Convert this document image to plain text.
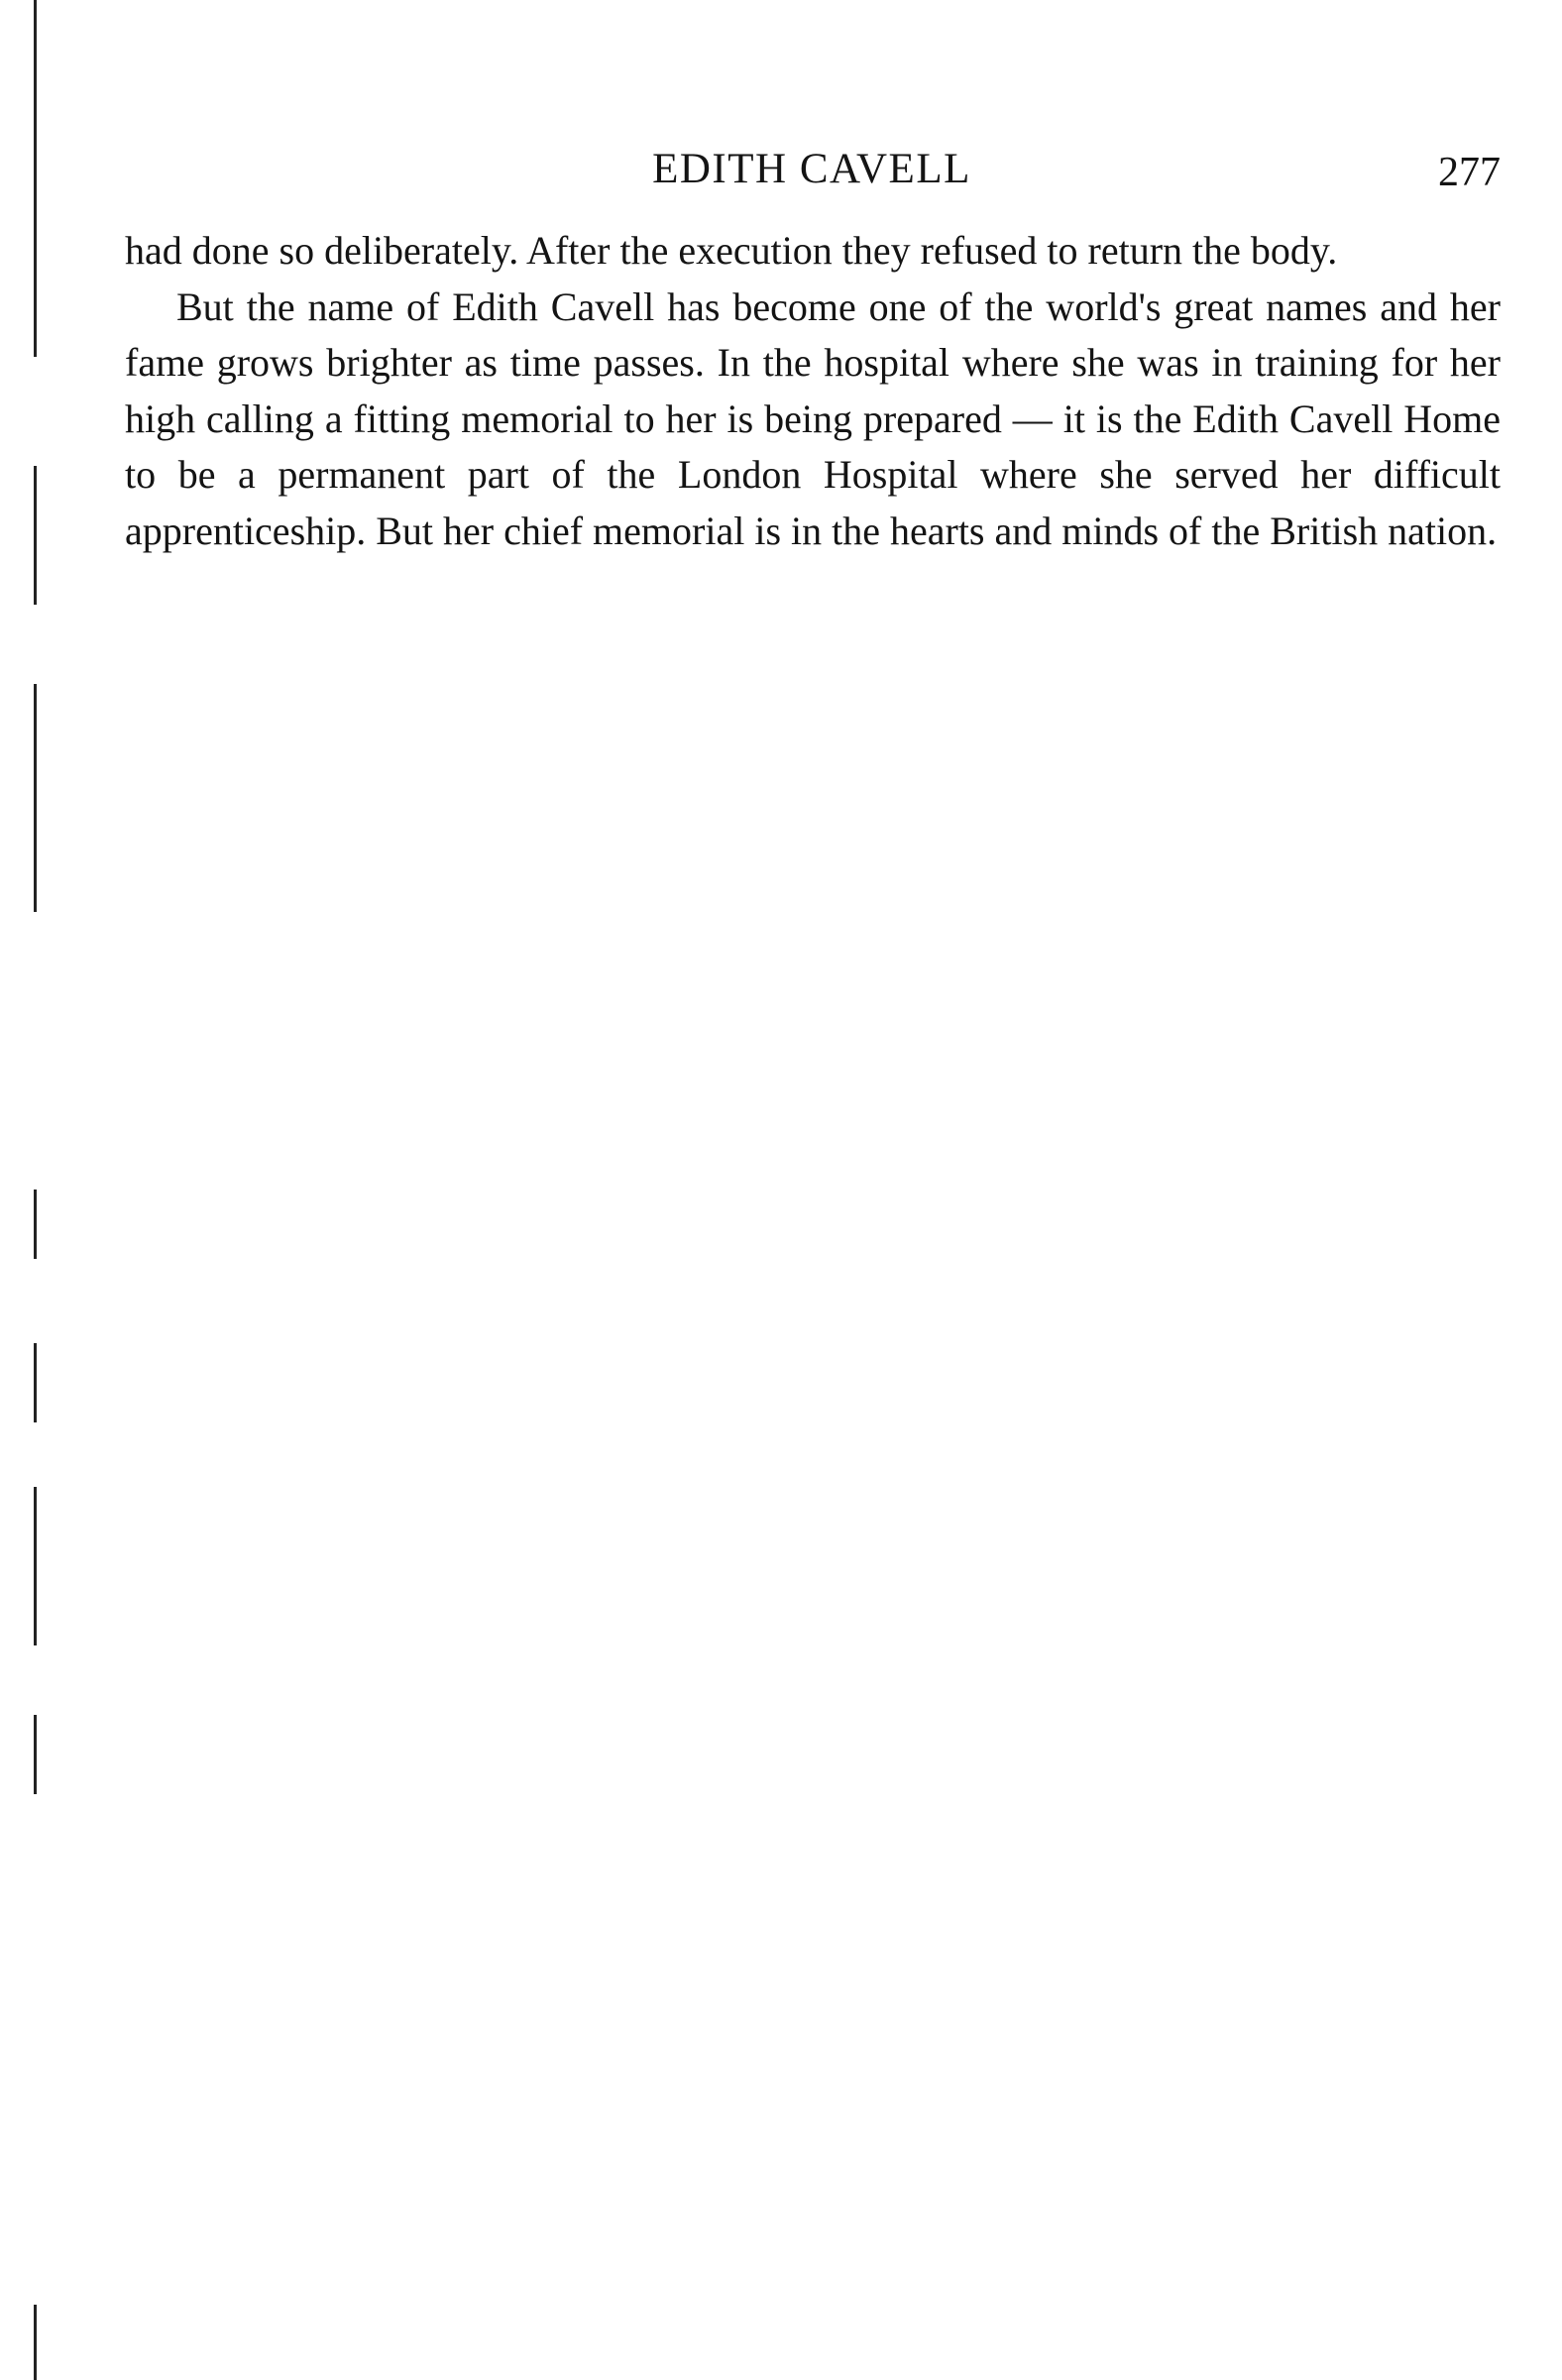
EDITH CAVELL	277

had done so deliberately. After the execution they refused to return the body.

But the name of Edith Cavell has become one of the world's great names and her fame grows brighter as time passes. In the hospital where she was in training for her high calling a fitting memorial to her is being prepared — it is the Edith Cavell Home to be a permanent part of the London Hospital where she served her difficult apprenticeship. But her chief memorial is in the hearts and minds of the British nation.
